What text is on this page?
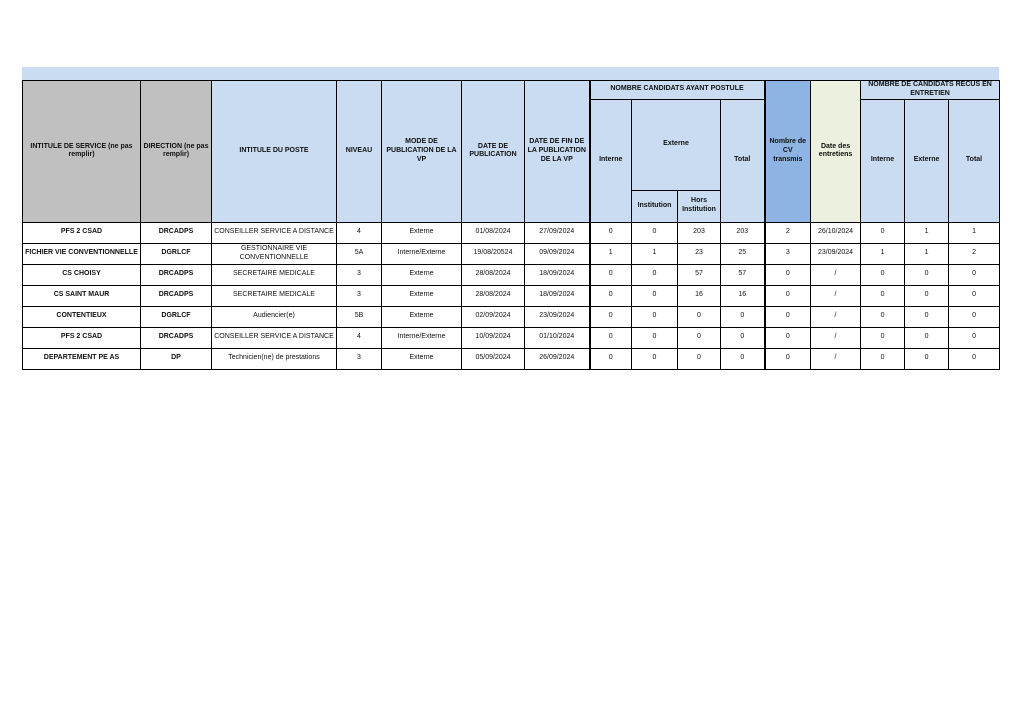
INTITULE DE SERVICE (ne pas remplir)	DIRECTION (ne pas remplir)	INTITULE DU POSTE	NIVEAU	MODE DE PUBLICATION DE LA VP	DATE DE PUBLICATION	DATE DE FIN DE LA PUBLICATION DE LA VP	NOMBRE CANDIDATS AYANT POSTULE				Nombre de CV transmis	Date des entretiens	NOMBRE DE CANDIDATS RECUS EN ENTRETIEN		
							Interne	Externe		Total			Interne	Externe	Total
								Institution	Hors Institution						
PFS 2 CSAD	DRCADPS	CONSEILLER SERVICE A DISTANCE	4	Externe	01/08/2024	27/09/2024	0	0	203	203	2	26/10/2024	0	1	1
FICHIER VIE CONVENTIONNELLE	DGRLCF	GESTIONNAIRE VIE CONVENTIONNELLE	5A	Interne/Externe	19/08/20524	09/09/2024	1	1	23	25	3	23/09/2024	1	1	2
CS CHOISY	DRCADPS	SECRETAIRE MEDICALE	3	Externe	28/08/2024	18/09/2024	0	0	57	57	0	/	0	0	0
CS SAINT MAUR	DRCADPS	SECRETAIRE MEDICALE	3	Externe	28/08/2024	18/09/2024	0	0	16	16	0	/	0	0	0
CONTENTIEUX	DGRLCF	Audiencier(e)	5B	Externe	02/09/2024	23/09/2024	0	0	0	0	0	/	0	0	0
PFS 2 CSAD	DRCADPS	CONSEILLER SERVICE A DISTANCE	4	Interne/Externe	10/09/2024	01/10/2024	0	0	0	0	0	/	0	0	0
DEPARTEMENT PE AS	DP	Technicien(ne) de prestations	3	Externe	05/09/2024	26/09/2024	0	0	0	0	0	/	0	0	0
